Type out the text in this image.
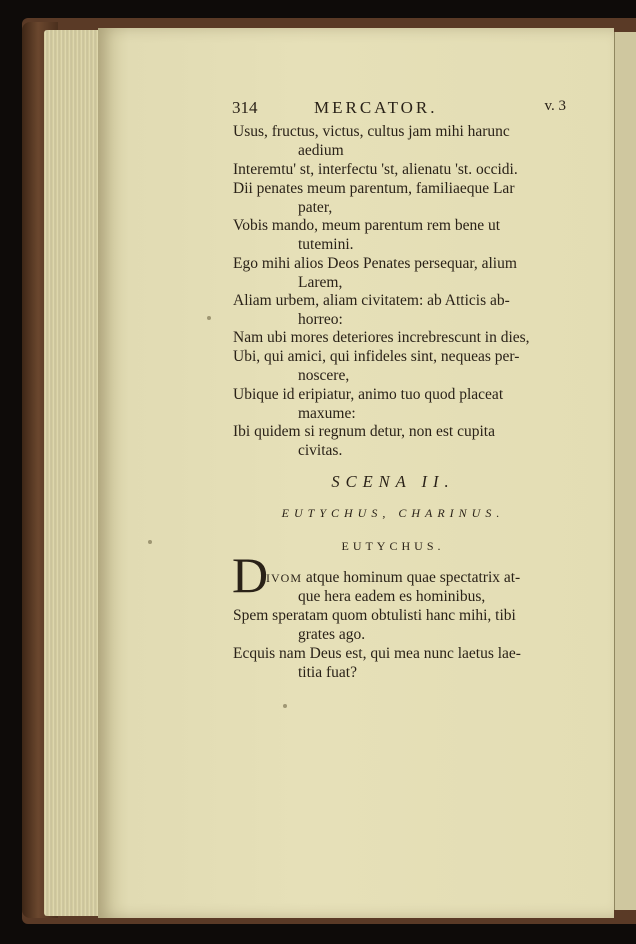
314	MERCATOR.	v. 3
Usus, fructus, victus, cultus jam mihi harunc
aedium
Interemtu' st, interfectu 'st, alienatu 'st. occidi.
Dii penates meum parentum, familiaeque Lar
pater,
Vobis mando, meum parentum rem bene ut
tutemini.
Ego mihi alios Deos Penates persequar, alium
Larem,
Aliam urbem, aliam civitatem: ab Atticis ab-
horreo:
Nam ubi mores deteriores increbrescunt in dies,
Ubi, qui amici, qui infideles sint, nequeas per-
noscere,
Ubique id eripiatur, animo tuo quod placeat
maxume:
Ibi quidem si regnum detur, non est cupita
civitas.
SCENA II.
EUTYCHUS, CHARINUS.
EUTYCHUS.
D
IVOM atque hominum quae spectatrix at-
que hera eadem es hominibus,
Spem speratam quom obtulisti hanc mihi, tibi
grates ago.
Ecquis nam Deus est, qui mea nunc laetus lae-
titia fuat?
